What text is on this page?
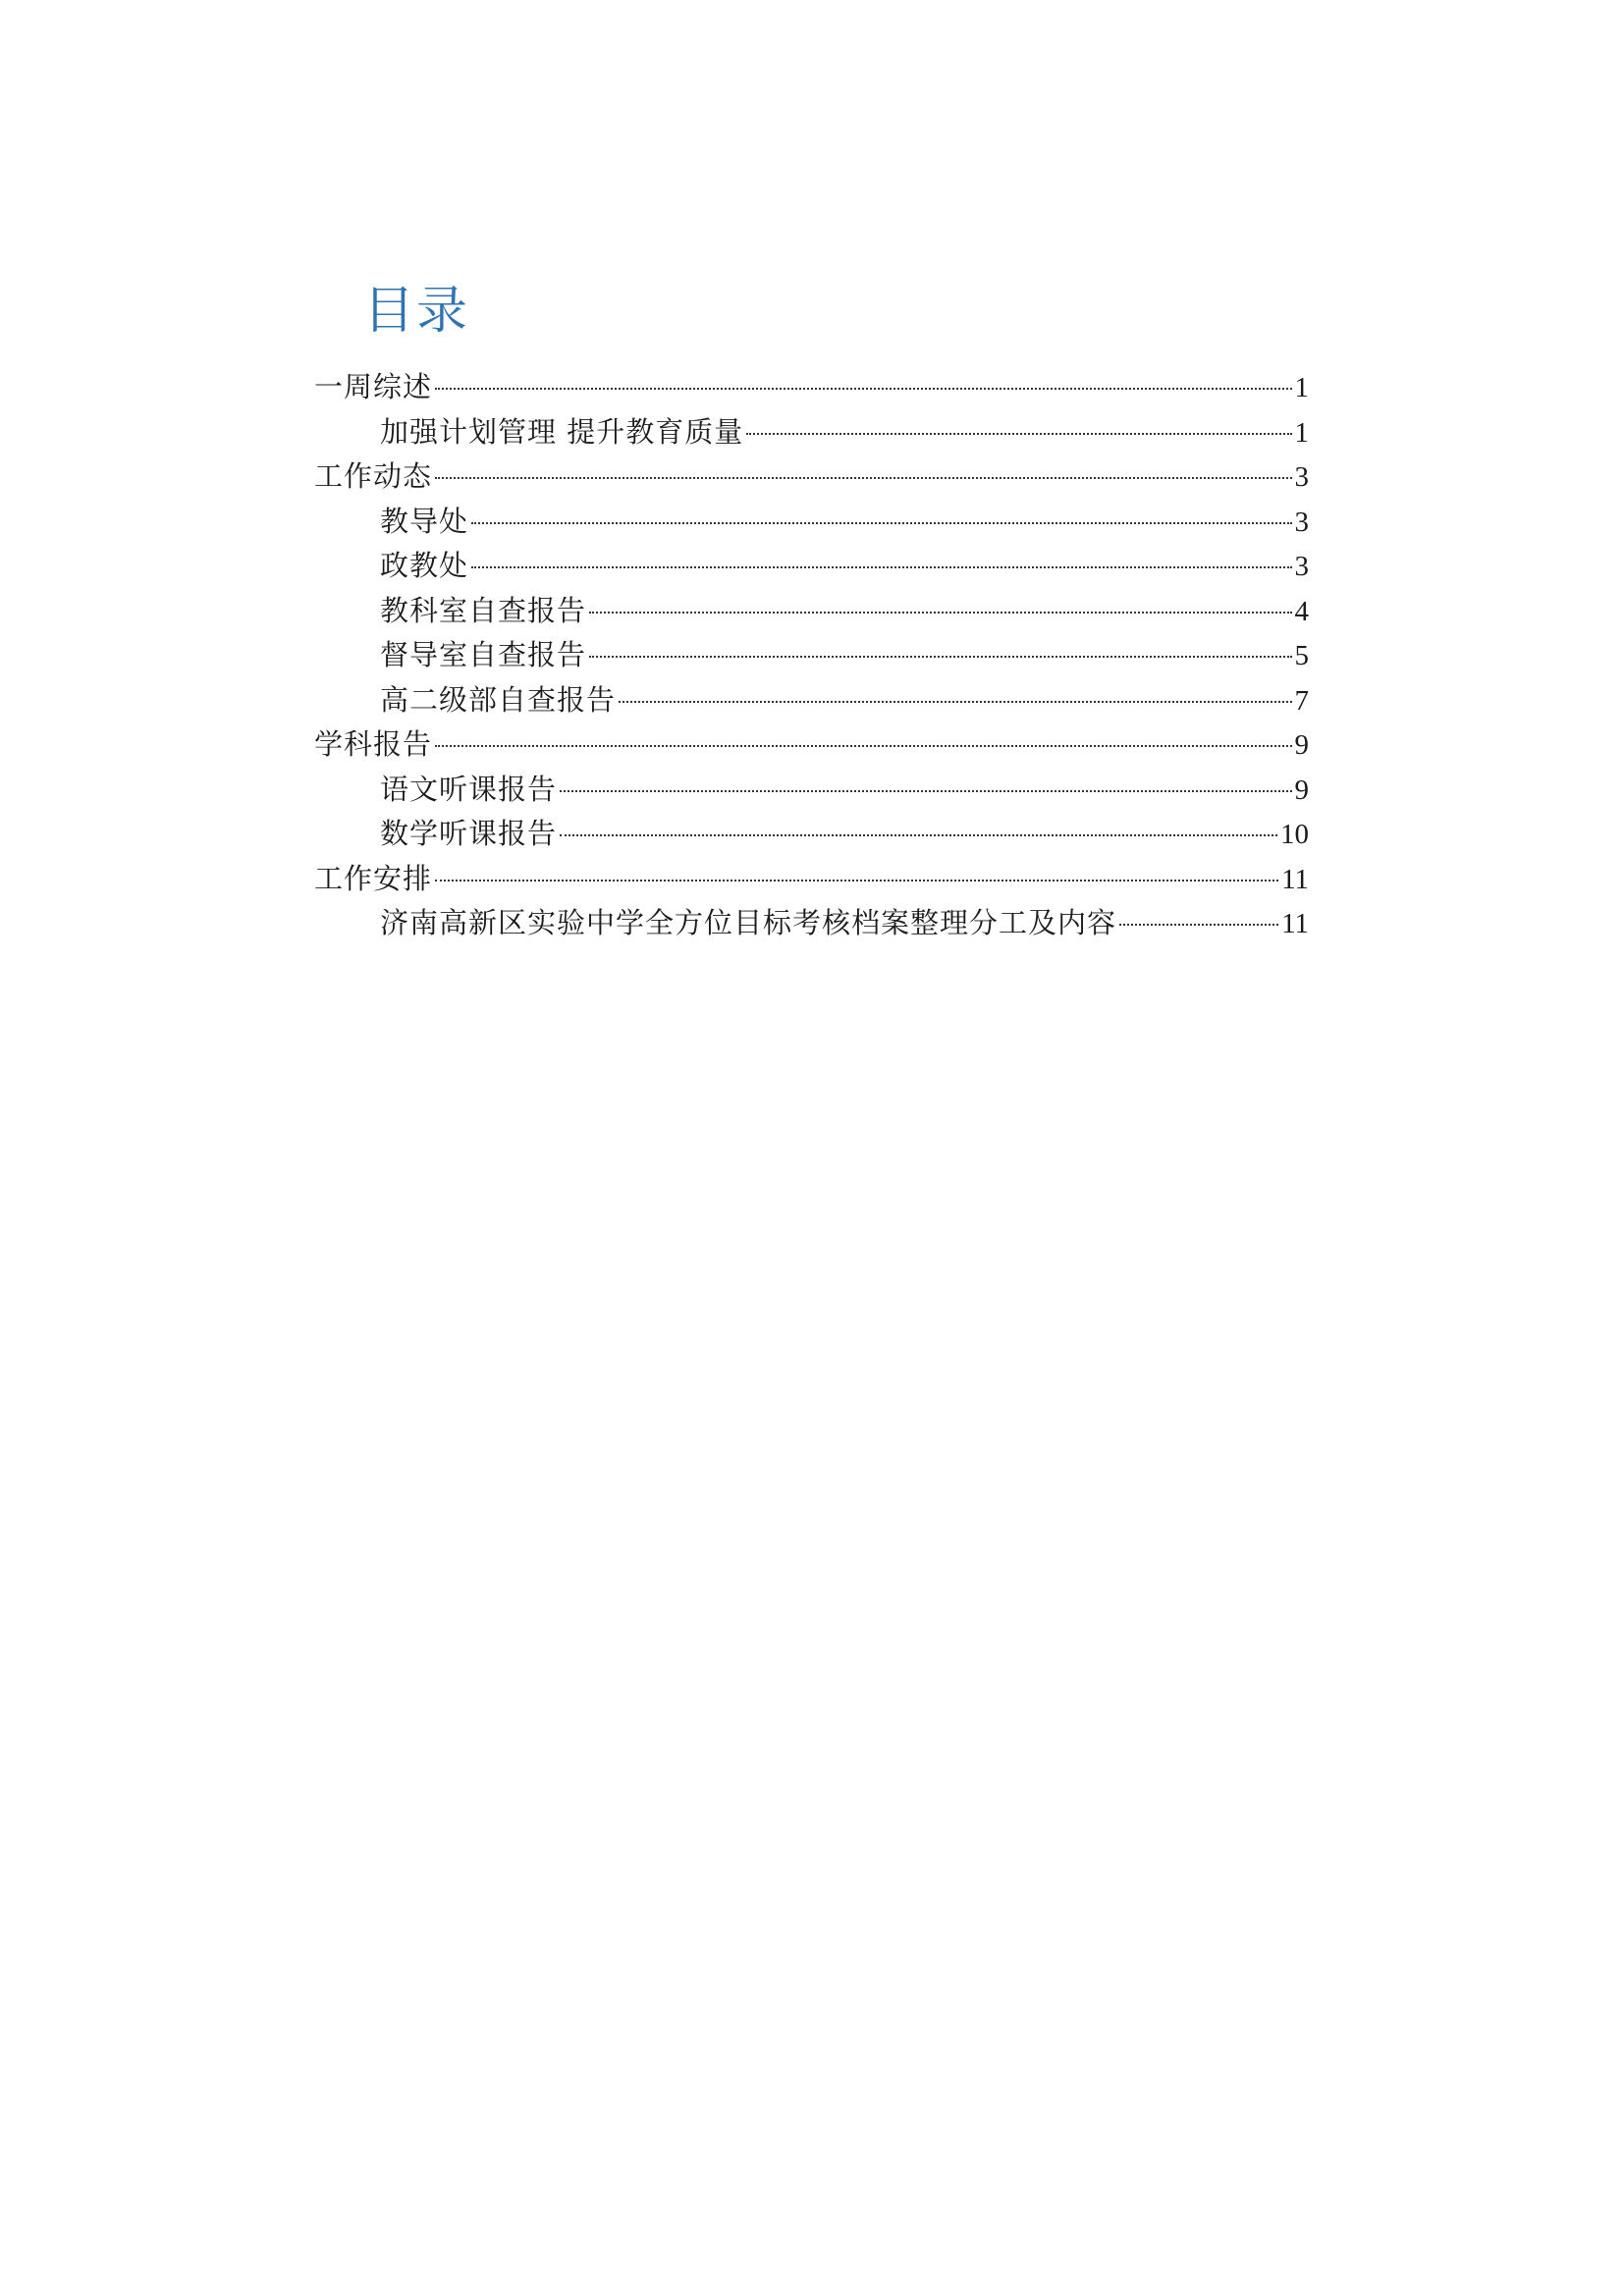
目录
一周综述	1
加强计划管理 提升教育质量	1
工作动态	3
教导处	3
政教处	3
教科室自查报告	4
督导室自查报告	5
高二级部自查报告	7
学科报告	9
语文听课报告	9
数学听课报告	10
工作安排	11
济南高新区实验中学全方位目标考核档案整理分工及内容	11
